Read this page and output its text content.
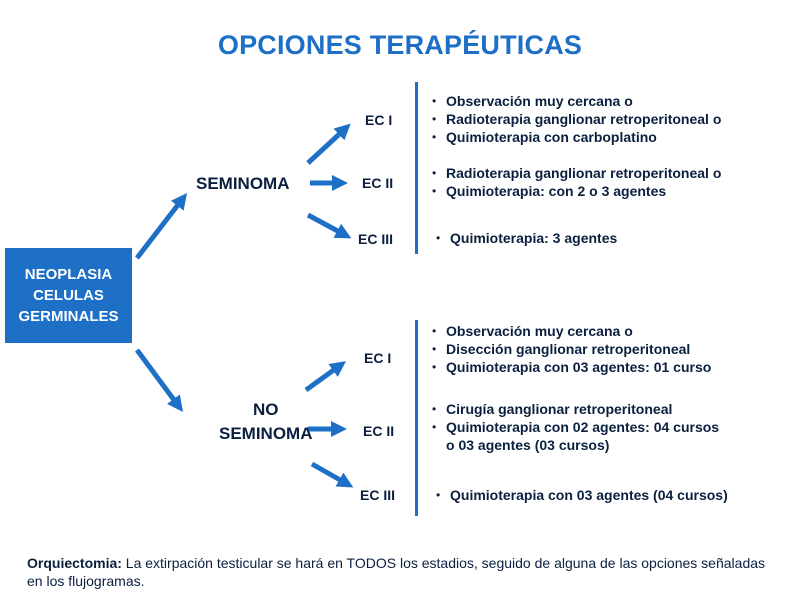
OPCIONES TERAPÉUTICAS
NEOPLASIA
CELULAS
GERMINALES
SEMINOMA
EC I
EC II
EC III
• Observación muy cercana o
• Radioterapia ganglionar retroperitoneal o
• Quimioterapia con carboplatino
• Radioterapia ganglionar retroperitoneal o
• Quimioterapia: con 2 o 3 agentes
• Quimioterapia: 3 agentes
NO
SEMINOMA
EC I
EC II
EC III
• Observación muy cercana o
• Disección ganglionar retroperitoneal
• Quimioterapia con 03 agentes: 01 curso
• Cirugía ganglionar retroperitoneal
• Quimioterapia con 02 agentes: 04 cursos
o 03 agentes (03 cursos)
• Quimioterapia con 03 agentes (04 cursos)
Orquiectomia: La extirpación testicular se hará en TODOS los estadios, seguido de alguna de las opciones señaladas en los flujogramas.
